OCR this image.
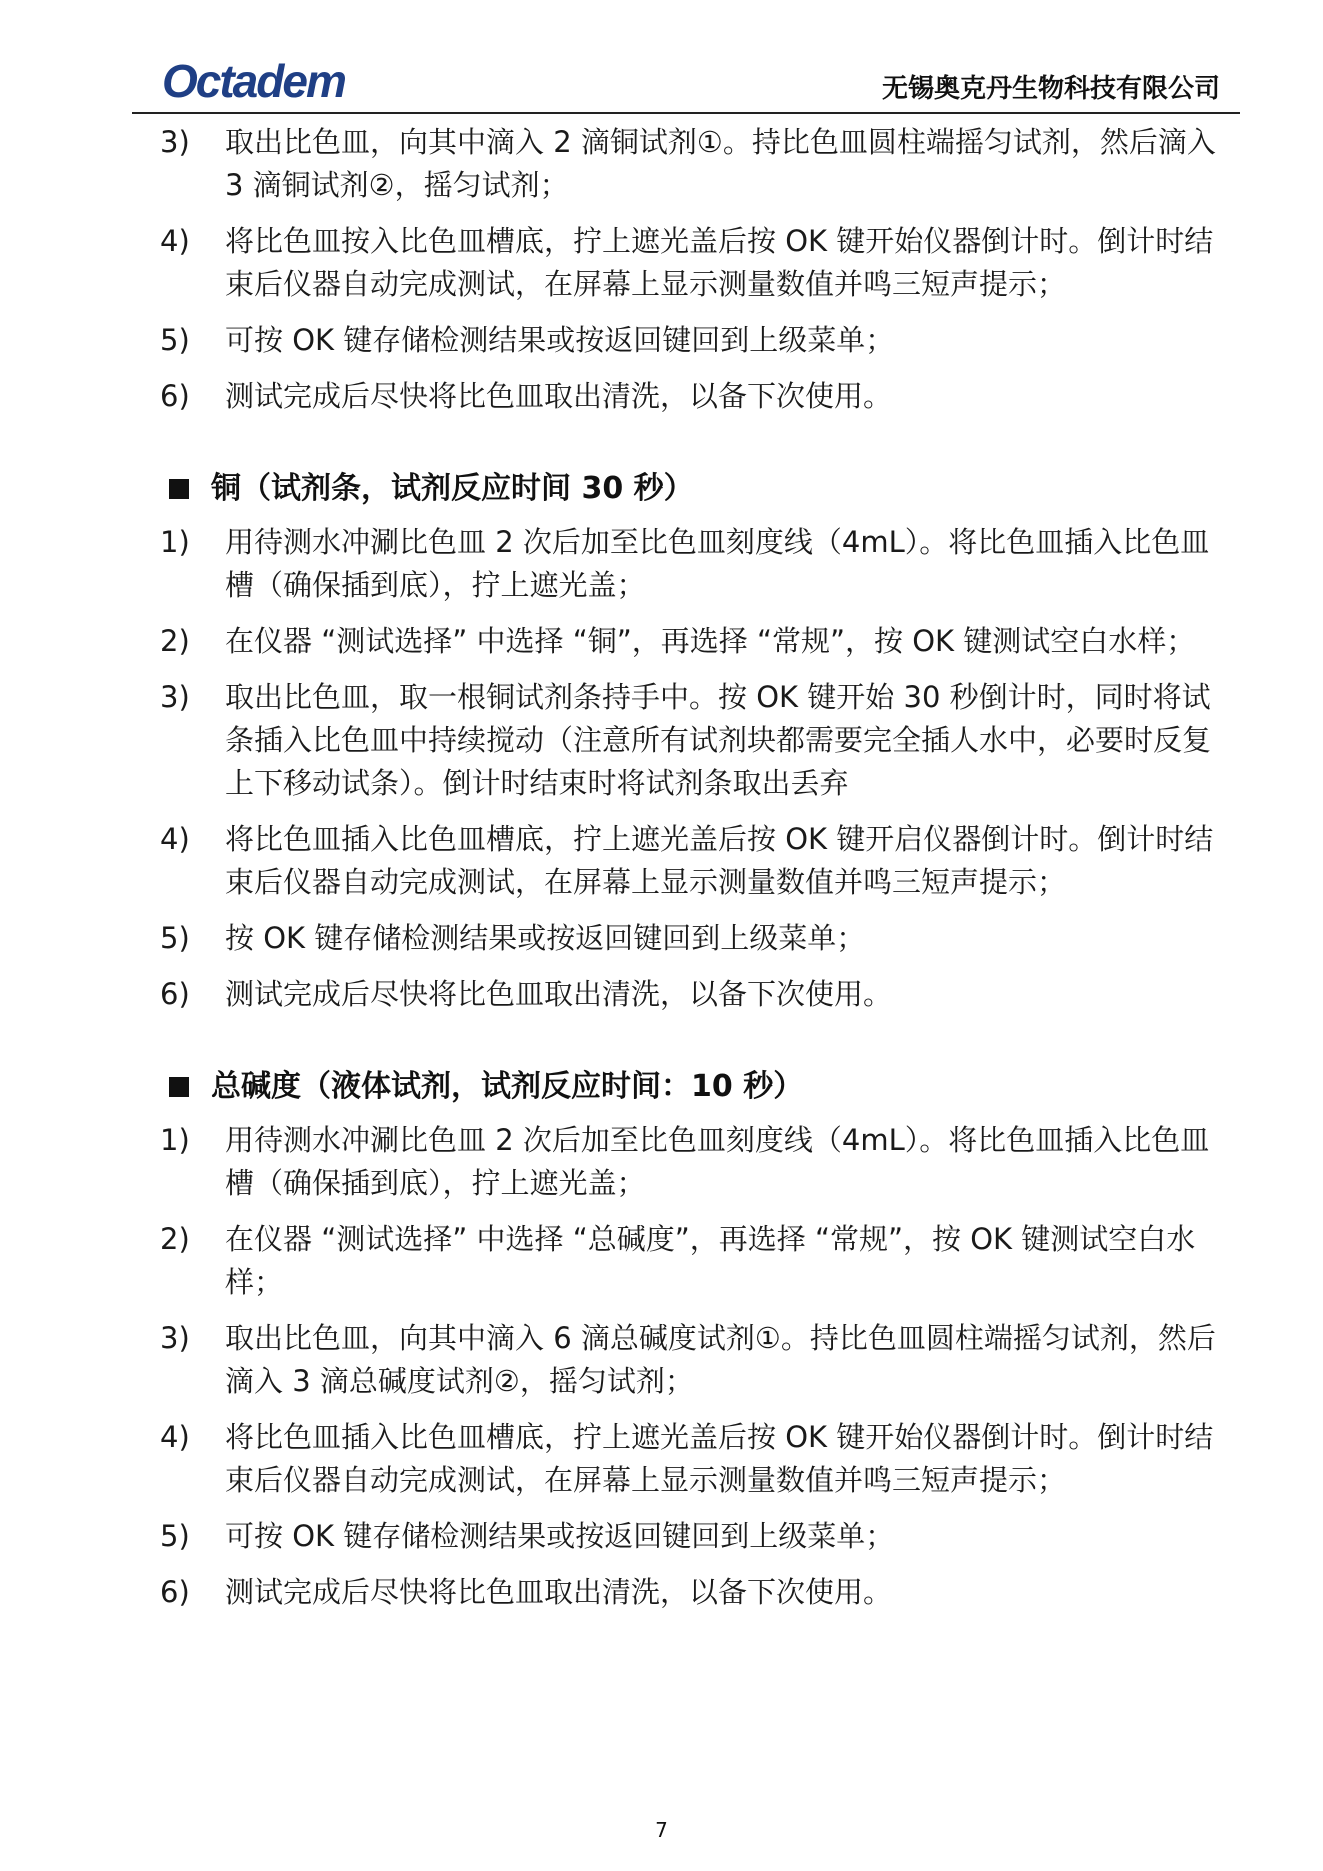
Octadem	无锡奥克丹生物科技有限公司
3)	取出比色皿，向其中滴入 2 滴铜试剂①。持比色皿圆柱端摇匀试剂，然后滴入 3 滴铜试剂②，摇匀试剂；
4)	将比色皿按入比色皿槽底，拧上遮光盖后按 OK 键开始仪器倒计时。倒计时结束后仪器自动完成测试，在屏幕上显示测量数值并鸣三短声提示；
5)	可按 OK 键存储检测结果或按返回键回到上级菜单；
6)	测试完成后尽快将比色皿取出清洗，以备下次使用。
铜（试剂条，试剂反应时间 30 秒）
1)	用待测水冲涮比色皿 2 次后加至比色皿刻度线（4mL）。将比色皿插入比色皿槽（确保插到底），拧上遮光盖；
2)	在仪器 “测试选择” 中选择 “铜”，再选择 “常规”，按 OK 键测试空白水样；
3)	取出比色皿，取一根铜试剂条持手中。按 OK 键开始 30 秒倒计时，同时将试条插入比色皿中持续搅动（注意所有试剂块都需要完全插人水中，必要时反复上下移动试条）。倒计时结束时将试剂条取出丢弃
4)	将比色皿插入比色皿槽底，拧上遮光盖后按 OK 键开启仪器倒计时。倒计时结束后仪器自动完成测试，在屏幕上显示测量数值并鸣三短声提示；
5)	按 OK 键存储检测结果或按返回键回到上级菜单；
6)	测试完成后尽快将比色皿取出清洗，以备下次使用。
总碱度（液体试剂，试剂反应时间：10 秒）
1)	用待测水冲涮比色皿 2 次后加至比色皿刻度线（4mL）。将比色皿插入比色皿槽（确保插到底），拧上遮光盖；
2)	在仪器 “测试选择” 中选择 “总碱度”，再选择 “常规”，按 OK 键测试空白水样；
3)	取出比色皿，向其中滴入 6 滴总碱度试剂①。持比色皿圆柱端摇匀试剂，然后滴入 3 滴总碱度试剂②，摇匀试剂；
4)	将比色皿插入比色皿槽底，拧上遮光盖后按 OK 键开始仪器倒计时。倒计时结束后仪器自动完成测试，在屏幕上显示测量数值并鸣三短声提示；
5)	可按 OK 键存储检测结果或按返回键回到上级菜单；
6)	测试完成后尽快将比色皿取出清洗，以备下次使用。
7
